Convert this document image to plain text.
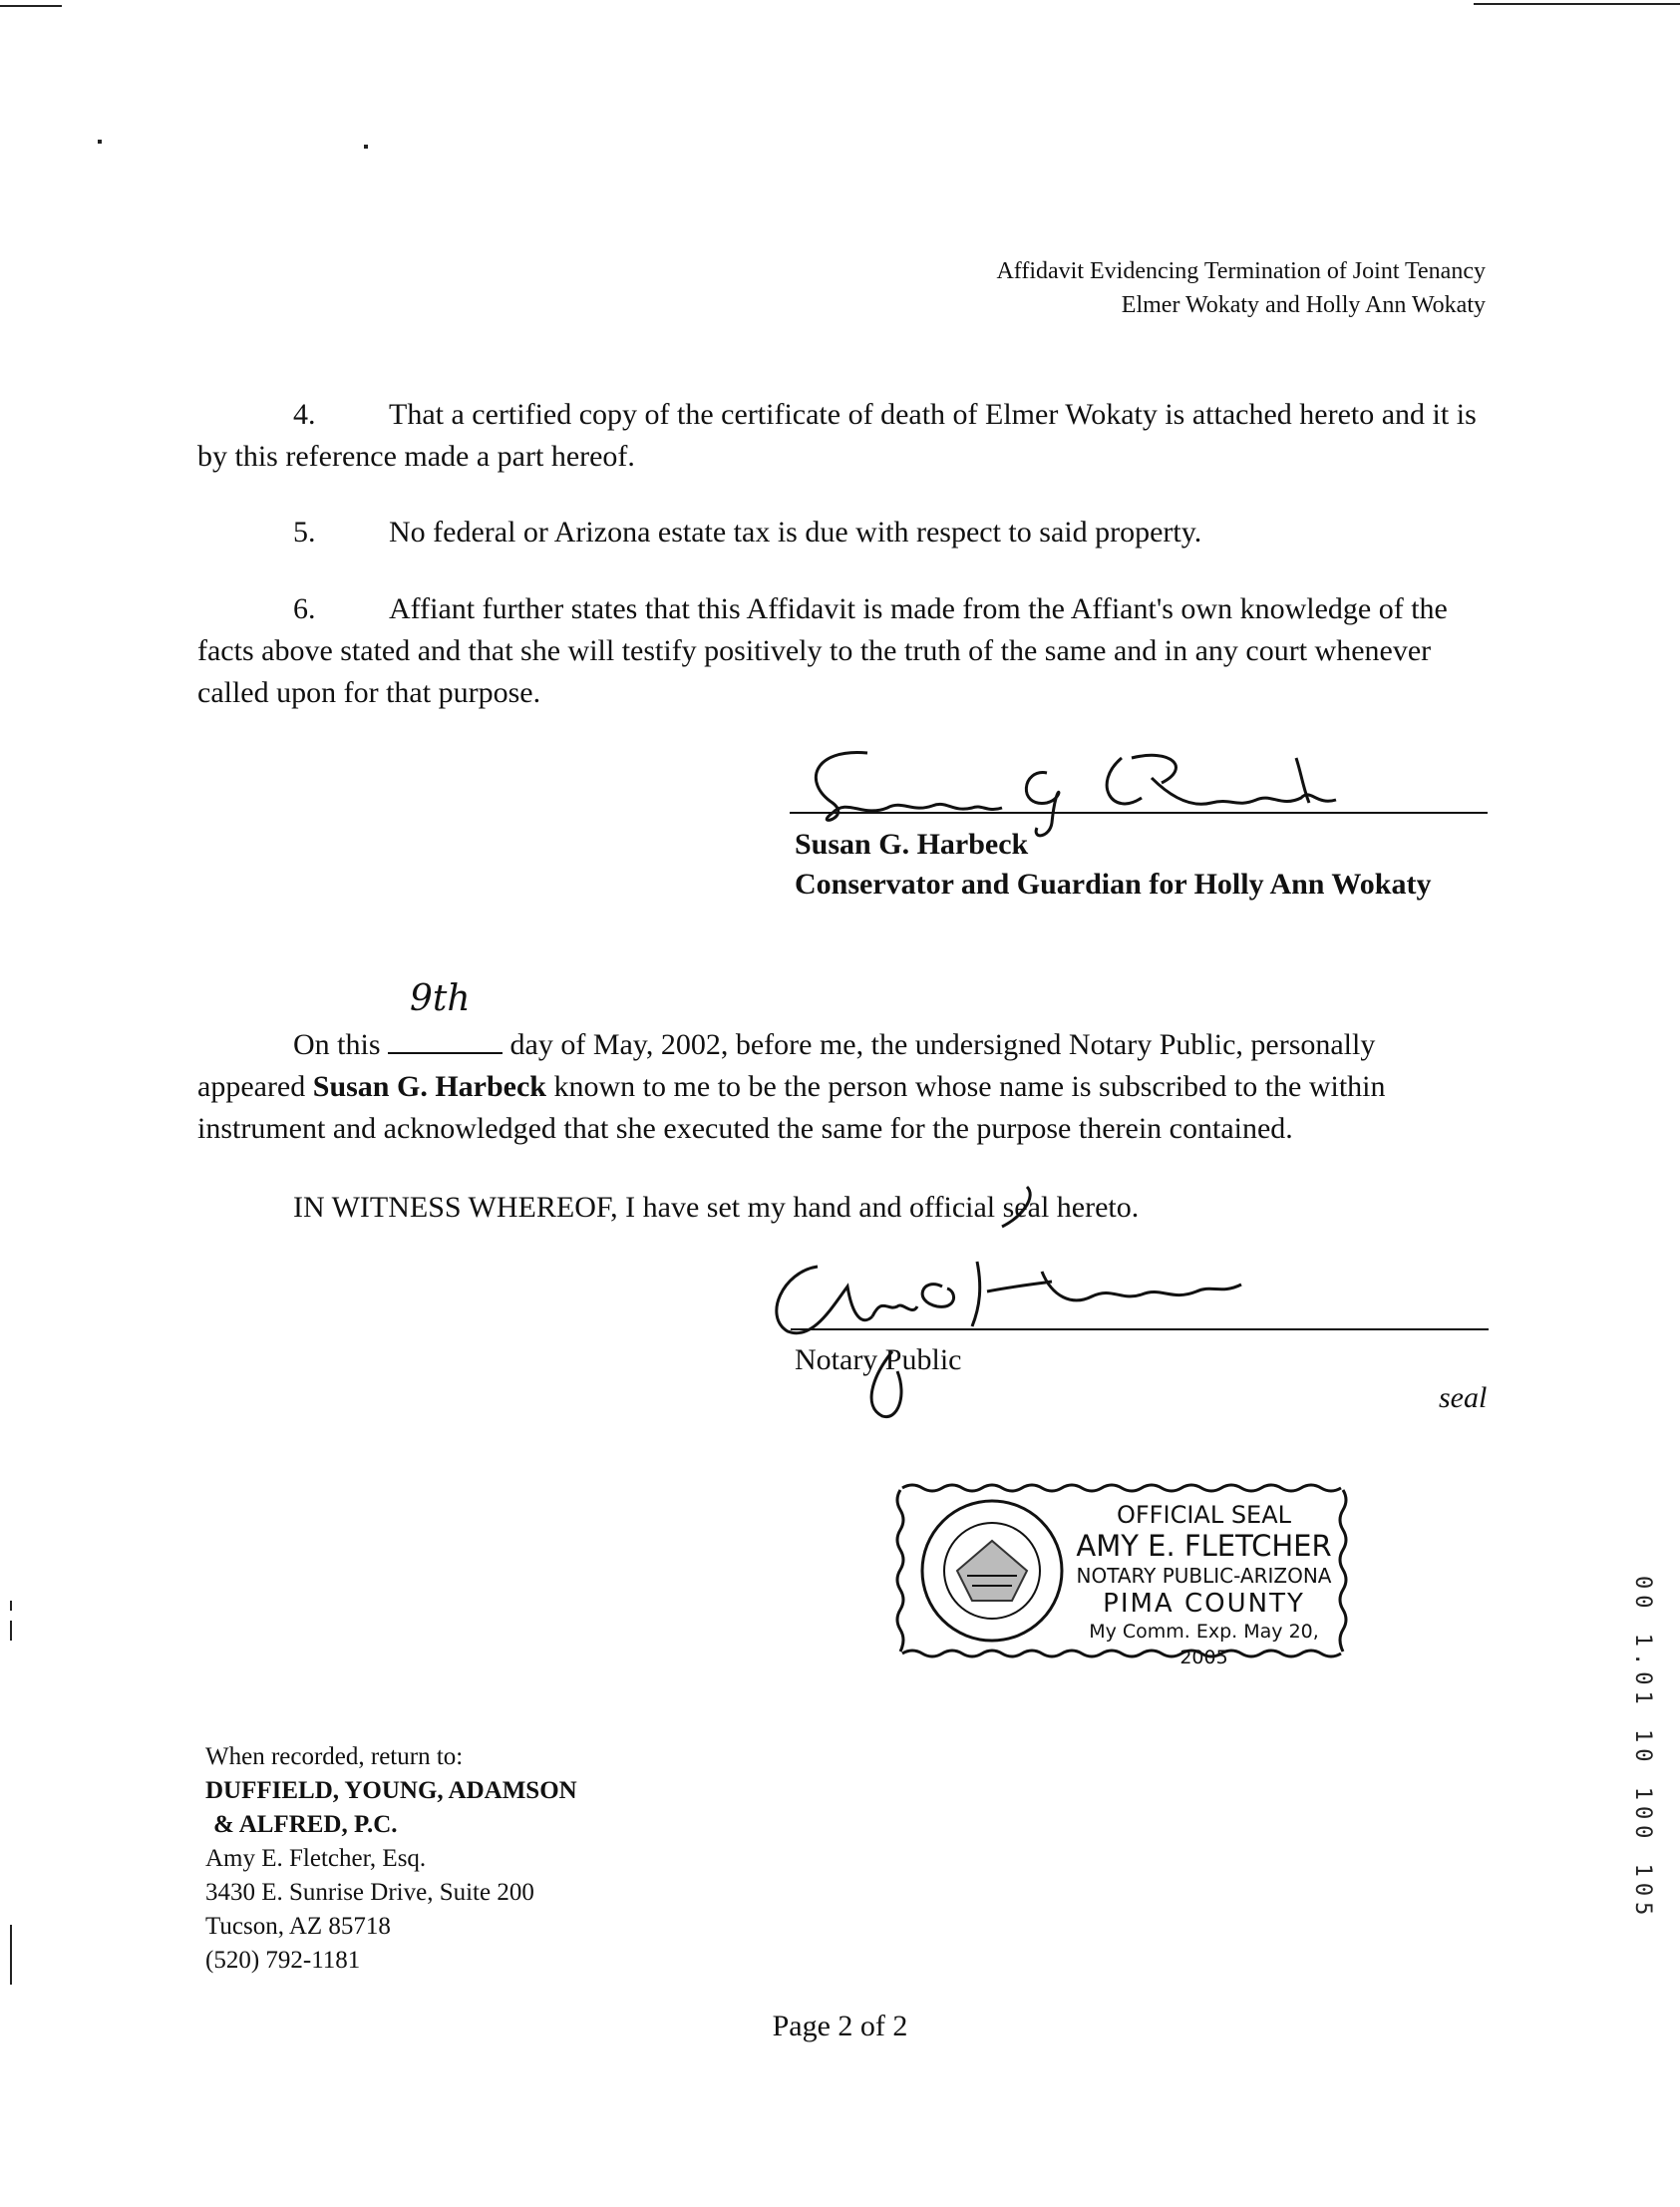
Affidavit Evidencing Termination of Joint Tenancy
Elmer Wokaty and Holly Ann Wokaty
4. That a certified copy of the certificate of death of Elmer Wokaty is attached hereto and it is by this reference made a part hereof.
5. No federal or Arizona estate tax is due with respect to said property.
6. Affiant further states that this Affidavit is made from the Affiant's own knowledge of the facts above stated and that she will testify positively to the truth of the same and in any court whenever called upon for that purpose.
Susan G. Harbeck
Conservator and Guardian for Holly Ann Wokaty
On this
9th
day of May, 2002, before me, the undersigned Notary Public, personally appeared Susan G. Harbeck known to me to be the person whose name is subscribed to the within instrument and acknowledged that she executed the same for the purpose therein contained.
IN WITNESS WHEREOF, I have set my hand and official seal hereto.
Notary Public
seal
OFFICIAL SEAL
AMY E. FLETCHER
NOTARY PUBLIC-ARIZONA
PIMA COUNTY
My Comm. Exp. May 20, 2005
When recorded, return to:
DUFFIELD, YOUNG, ADAMSON
& ALFRED, P.C.
Amy E. Fletcher, Esq.
3430 E. Sunrise Drive, Suite 200
Tucson, AZ 85718
(520) 792-1181
00 1.01 10 100 105
Page 2 of 2
